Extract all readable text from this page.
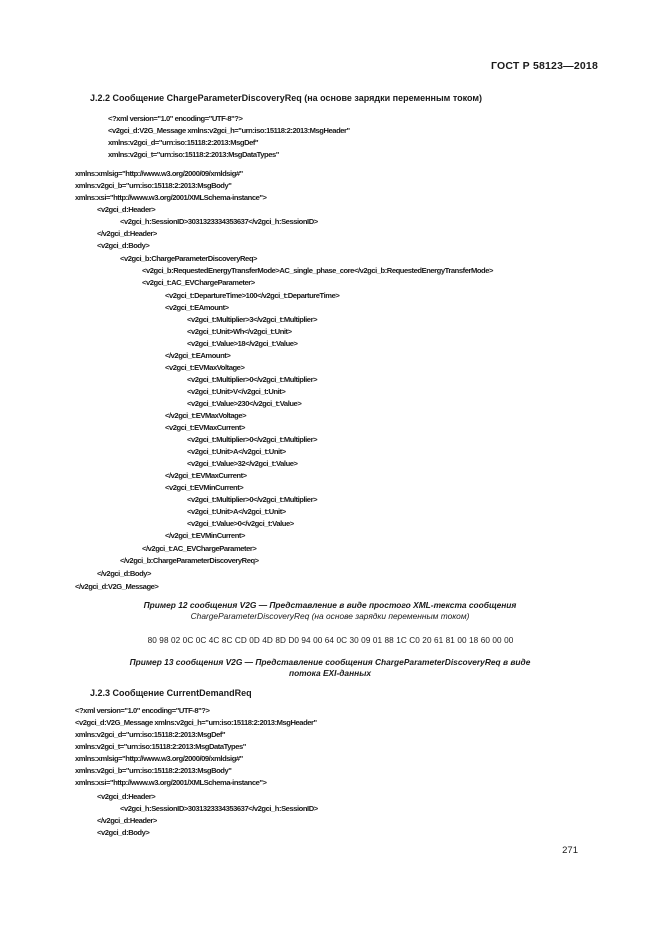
ГОСТ Р 58123—2018
J.2.2 Сообщение ChargeParameterDiscoveryReq (на основе зарядки переменным током)
<?xml version="1.0" encoding="UTF-8"?>
<v2gci_d:V2G_Message xmlns:v2gci_h="urn:iso:15118:2:2013:MsgHeader"
xmlns:v2gci_d="urn:iso:15118:2:2013:MsgDef"
xmlns:v2gci_t="urn:iso:15118:2:2013:MsgDataTypes"
xmlns:xmlsig="http://www.w3.org/2000/09/xmldsig#"
xmlns:v2gci_b="urn:iso:15118:2:2013:MsgBody"
xmlns:xsi="http://www.w3.org/2001/XMLSchema-instance">
<v2gci_d:Header>
<v2gci_h:SessionID>3031323334353637</v2gci_h:SessionID>
</v2gci_d:Header>
<v2gci_d:Body>
<v2gci_b:ChargeParameterDiscoveryReq>
<v2gci_b:RequestedEnergyTransferMode>AC_single_phase_core</v2gci_b:RequestedEnergyTransferMode>
<v2gci_t:AC_EVChargeParameter>
<v2gci_t:DepartureTime>100</v2gci_t:DepartureTime>
<v2gci_t:EAmount>
<v2gci_t:Multiplier>3</v2gci_t:Multiplier>
<v2gci_t:Unit>Wh</v2gci_t:Unit>
<v2gci_t:Value>18</v2gci_t:Value>
</v2gci_t:EAmount>
<v2gci_t:EVMaxVoltage>
<v2gci_t:Multiplier>0</v2gci_t:Multiplier>
<v2gci_t:Unit>V</v2gci_t:Unit>
<v2gci_t:Value>230</v2gci_t:Value>
</v2gci_t:EVMaxVoltage>
<v2gci_t:EVMaxCurrent>
<v2gci_t:Multiplier>0</v2gci_t:Multiplier>
<v2gci_t:Unit>A</v2gci_t:Unit>
<v2gci_t:Value>32</v2gci_t:Value>
</v2gci_t:EVMaxCurrent>
<v2gci_t:EVMinCurrent>
<v2gci_t:Multiplier>0</v2gci_t:Multiplier>
<v2gci_t:Unit>A</v2gci_t:Unit>
<v2gci_t:Value>0</v2gci_t:Value>
</v2gci_t:EVMinCurrent>
</v2gci_t:AC_EVChargeParameter>
</v2gci_b:ChargeParameterDiscoveryReq>
</v2gci_d:Body>
</v2gci_d:V2G_Message>
Пример 12 сообщения V2G — Представление в виде простого XML-текста сообщения
ChargeParameterDiscoveryReq (на основе зарядки переменным током)
80 98 02 0C 0C 4C 8C CD 0D 4D 8D D0 94 00 64 0C 30 09 01 88 1C C0 20 61 81 00 18 60 00 00
Пример 13 сообщения V2G — Представление сообщения ChargeParameterDiscoveryReq в виде
потока EXI-данных
J.2.3 Сообщение CurrentDemandReq
<?xml version="1.0" encoding="UTF-8"?>
<v2gci_d:V2G_Message xmlns:v2gci_h="urn:iso:15118:2:2013:MsgHeader"
xmlns:v2gci_d="urn:iso:15118:2:2013:MsgDef"
xmlns:v2gci_t="urn:iso:15118:2:2013:MsgDataTypes"
xmlns:xmlsig="http://www.w3.org/2000/09/xmldsig#"
xmlns:v2gci_b="urn:iso:15118:2:2013:MsgBody"
xmlns:xsi="http://www.w3.org/2001/XMLSchema-instance">
<v2gci_d:Header>
<v2gci_h:SessionID>3031323334353637</v2gci_h:SessionID>
</v2gci_d:Header>
<v2gci_d:Body>
271
